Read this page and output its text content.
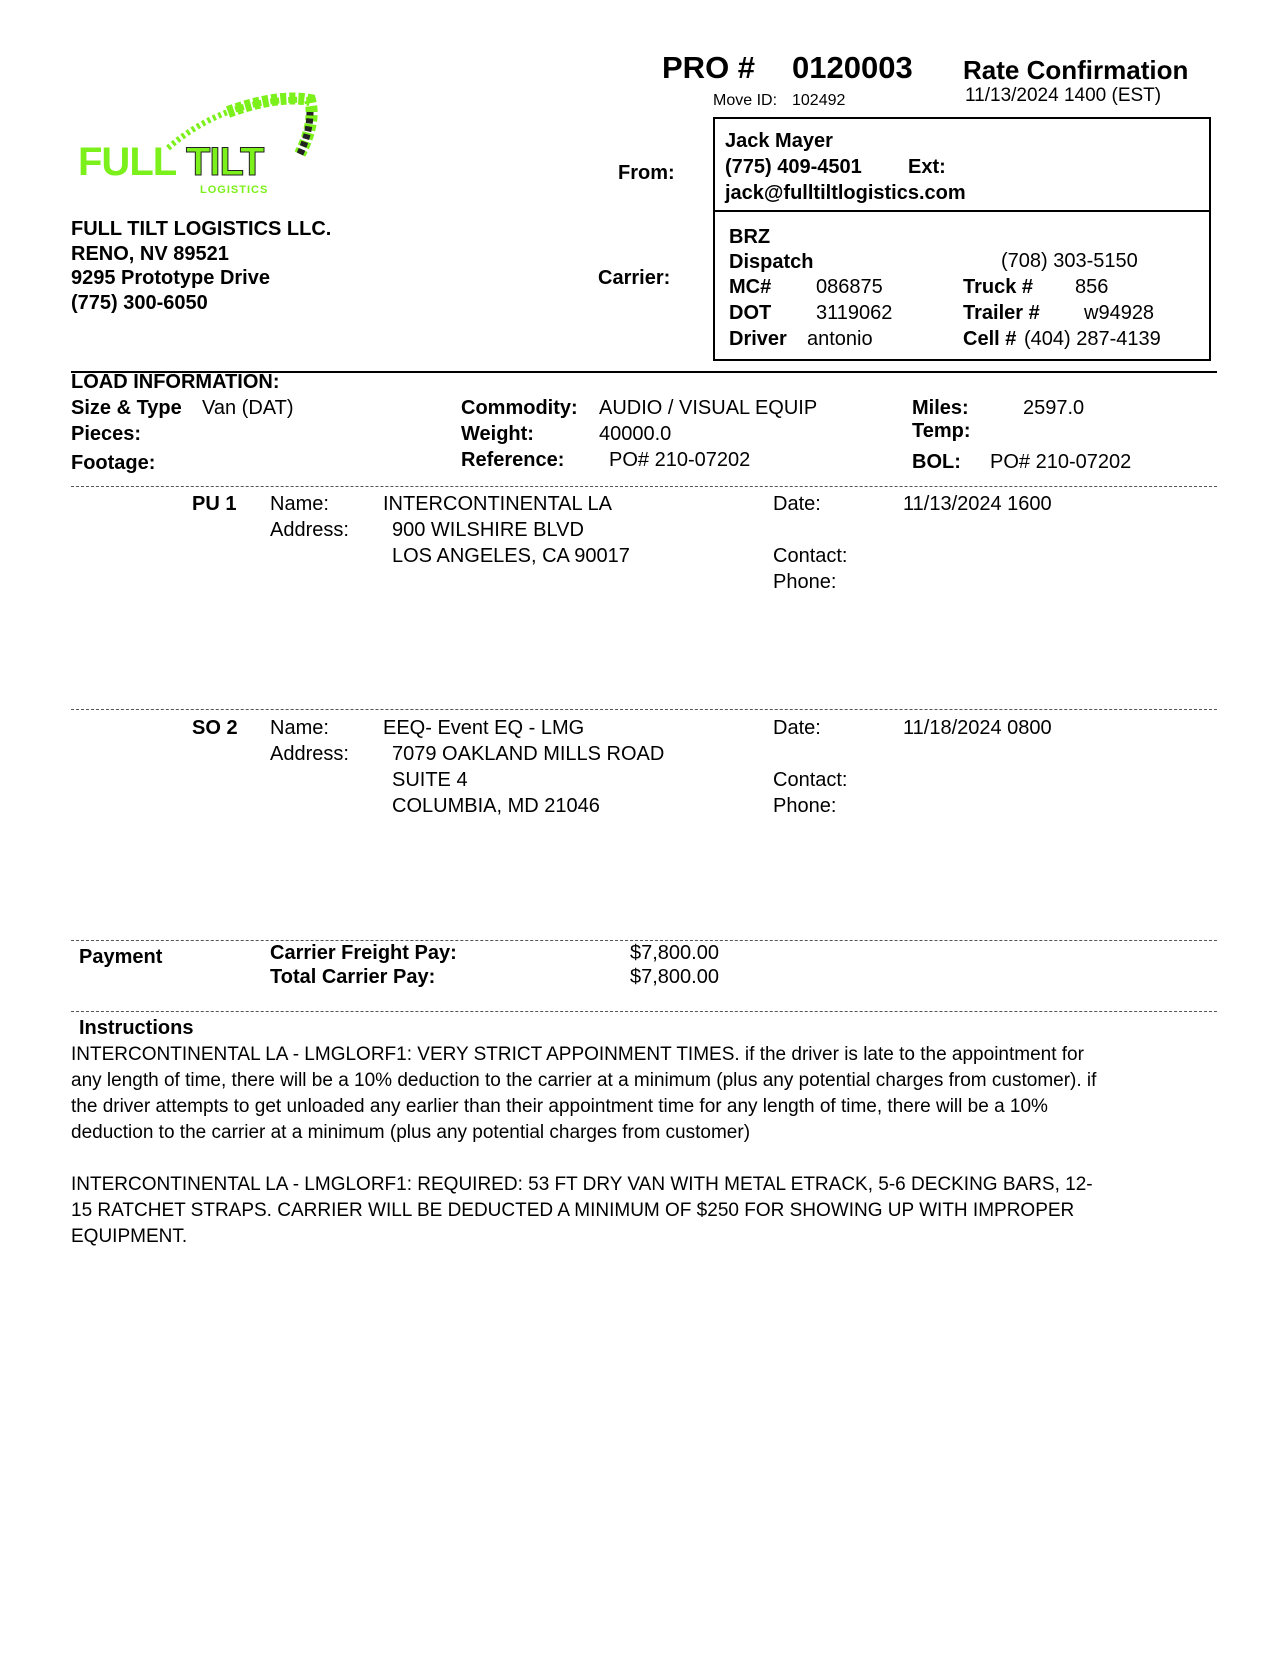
PRO # 0120003 Rate Confirmation
Move ID: 102492	11/13/2024 1400 (EST)
FULL TILT
LOGISTICS
FULL TILT LOGISTICS LLC.
RENO, NV 89521
9295 Prototype Drive
(775) 300-6050
From:
Jack Mayer
(775) 409-4501 Ext:
jack@fulltiltlogistics.com
Carrier:
BRZ
Dispatch	(708) 303-5150
MC# 086875	Truck # 856
DOT 3119062	Trailer # w94928
Driver antonio	Cell # (404) 287-4139
LOAD INFORMATION:
Size & Type Van (DAT)
Pieces:
Footage:
Commodity: AUDIO / VISUAL EQUIP
Weight:	40000.0
Reference: PO# 210-07202
Miles:	2597.0
Temp:
BOL: PO# 210-07202
PU 1 Name:	INTERCONTINENTAL LA
Address: 900 WILSHIRE BLVD
LOS ANGELES, CA 90017
Date:	11/13/2024 1600
Contact:
Phone:
SO 2 Name:	EEQ- Event EQ - LMG
Address: 7079 OAKLAND MILLS ROAD
SUITE 4
COLUMBIA, MD 21046
Date:	11/18/2024 0800
Contact:
Phone:
Payment	Carrier Freight Pay:	$7,800.00
Total Carrier Pay:	$7,800.00
Instructions
INTERCONTINENTAL LA - LMGLORF1: VERY STRICT APPOINMENT TIMES. if the driver is late to the appointment for any length of time, there will be a 10% deduction to the carrier at a minimum (plus any potential charges from customer). if the driver attempts to get unloaded any earlier than their appointment time for any length of time, there will be a 10% deduction to the carrier at a minimum (plus any potential charges from customer)
INTERCONTINENTAL LA - LMGLORF1: REQUIRED: 53 FT DRY VAN WITH METAL ETRACK, 5-6 DECKING BARS, 12-15 RATCHET STRAPS. CARRIER WILL BE DEDUCTED A MINIMUM OF $250 FOR SHOWING UP WITH IMPROPER EQUIPMENT.
